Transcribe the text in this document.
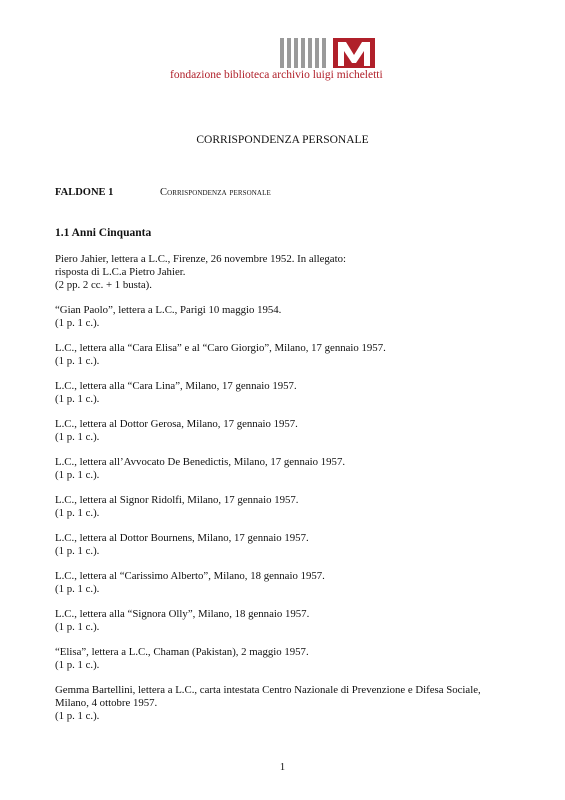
fondazione biblioteca archivio luigi micheletti
CORRISPONDENZA PERSONALE
FALDONE 1	Corrispondenza personale
1.1 Anni Cinquanta
Piero Jahier, lettera a L.C., Firenze, 26 novembre 1952. In allegato:
risposta di L.C.a Pietro Jahier.
(2 pp. 2 cc. + 1 busta).
“Gian Paolo”, lettera a L.C., Parigi 10 maggio 1954.
(1 p. 1 c.).
L.C., lettera alla “Cara Elisa” e al “Caro Giorgio”, Milano, 17 gennaio 1957.
(1 p. 1 c.).
L.C., lettera alla “Cara Lina”, Milano, 17 gennaio 1957.
(1 p. 1 c.).
L.C., lettera al Dottor Gerosa, Milano, 17 gennaio 1957.
(1 p. 1 c.).
L.C., lettera all’Avvocato De Benedictis, Milano, 17 gennaio 1957.
(1 p. 1 c.).
L.C., lettera al Signor Ridolfi, Milano, 17 gennaio 1957.
(1 p. 1 c.).
L.C., lettera al Dottor Bournens, Milano, 17 gennaio 1957.
(1 p. 1 c.).
L.C., lettera al “Carissimo Alberto”, Milano, 18 gennaio 1957.
(1 p. 1 c.).
L.C., lettera alla “Signora Olly”, Milano, 18 gennaio 1957.
(1 p. 1 c.).
“Elisa”, lettera a L.C., Chaman (Pakistan), 2 maggio 1957.
(1 p. 1 c.).
Gemma Bartellini, lettera a L.C., carta intestata Centro Nazionale di Prevenzione e Difesa Sociale,
Milano, 4 ottobre 1957.
(1 p. 1 c.).
1
